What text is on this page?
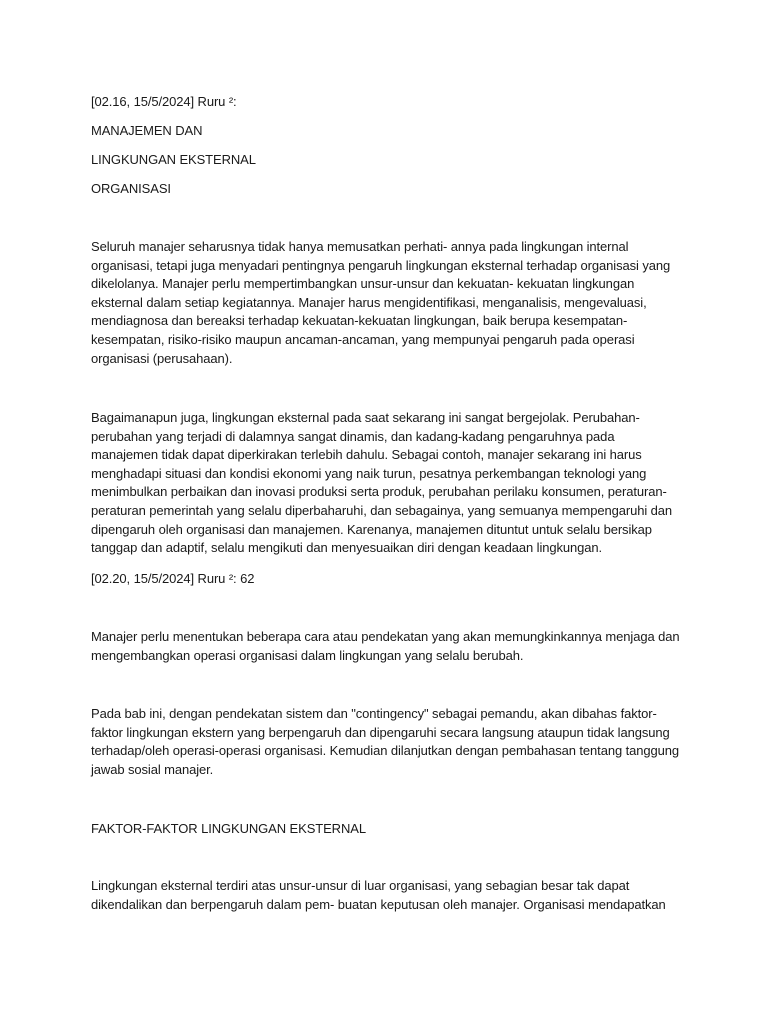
[02.16, 15/5/2024] Ruru ²:
MANAJEMEN DAN
LINGKUNGAN EKSTERNAL
ORGANISASI
Seluruh manajer seharusnya tidak hanya memusatkan perhati- annya pada lingkungan internal organisasi, tetapi juga menyadari pentingnya pengaruh lingkungan eksternal terhadap organisasi yang dikelolanya. Manajer perlu mempertimbangkan unsur-unsur dan kekuatan- kekuatan lingkungan eksternal dalam setiap kegiatannya. Manajer harus mengidentifikasi, menganalisis, mengevaluasi, mendiagnosa dan bereaksi terhadap kekuatan-kekuatan lingkungan, baik berupa kesempatan-kesempatan, risiko-risiko maupun ancaman-ancaman, yang mempunyai pengaruh pada operasi organisasi (perusahaan).
Bagaimanapun juga, lingkungan eksternal pada saat sekarang ini sangat bergejolak. Perubahan-perubahan yang terjadi di dalamnya sangat dinamis, dan kadang-kadang pengaruhnya pada manajemen tidak dapat diperkirakan terlebih dahulu. Sebagai contoh, manajer sekarang ini harus menghadapi situasi dan kondisi ekonomi yang naik turun, pesatnya perkembangan teknologi yang menimbulkan perbaikan dan inovasi produksi serta produk, perubahan perilaku konsumen, peraturan-peraturan pemerintah yang selalu diperbaharuhi, dan sebagainya, yang semuanya mempengaruhi dan dipengaruh oleh organisasi dan manajemen. Karenanya, manajemen dituntut untuk selalu bersikap tanggap dan adaptif, selalu mengikuti dan menyesuaikan diri dengan keadaan lingkungan.
[02.20, 15/5/2024] Ruru ²: 62
Manajer perlu menentukan beberapa cara atau pendekatan yang akan memungkinkannya menjaga dan mengembangkan operasi organisasi dalam lingkungan yang selalu berubah.
Pada bab ini, dengan pendekatan sistem dan "contingency" sebagai pemandu, akan dibahas faktor-faktor lingkungan ekstern yang berpengaruh dan dipengaruhi secara langsung ataupun tidak langsung terhadap/oleh operasi-operasi organisasi. Kemudian dilanjutkan dengan pembahasan tentang tanggung jawab sosial manajer.
FAKTOR-FAKTOR LINGKUNGAN EKSTERNAL
Lingkungan eksternal terdiri atas unsur-unsur di luar organisasi, yang sebagian besar tak dapat dikendalikan dan berpengaruh dalam pem- buatan keputusan oleh manajer. Organisasi mendapatkan
